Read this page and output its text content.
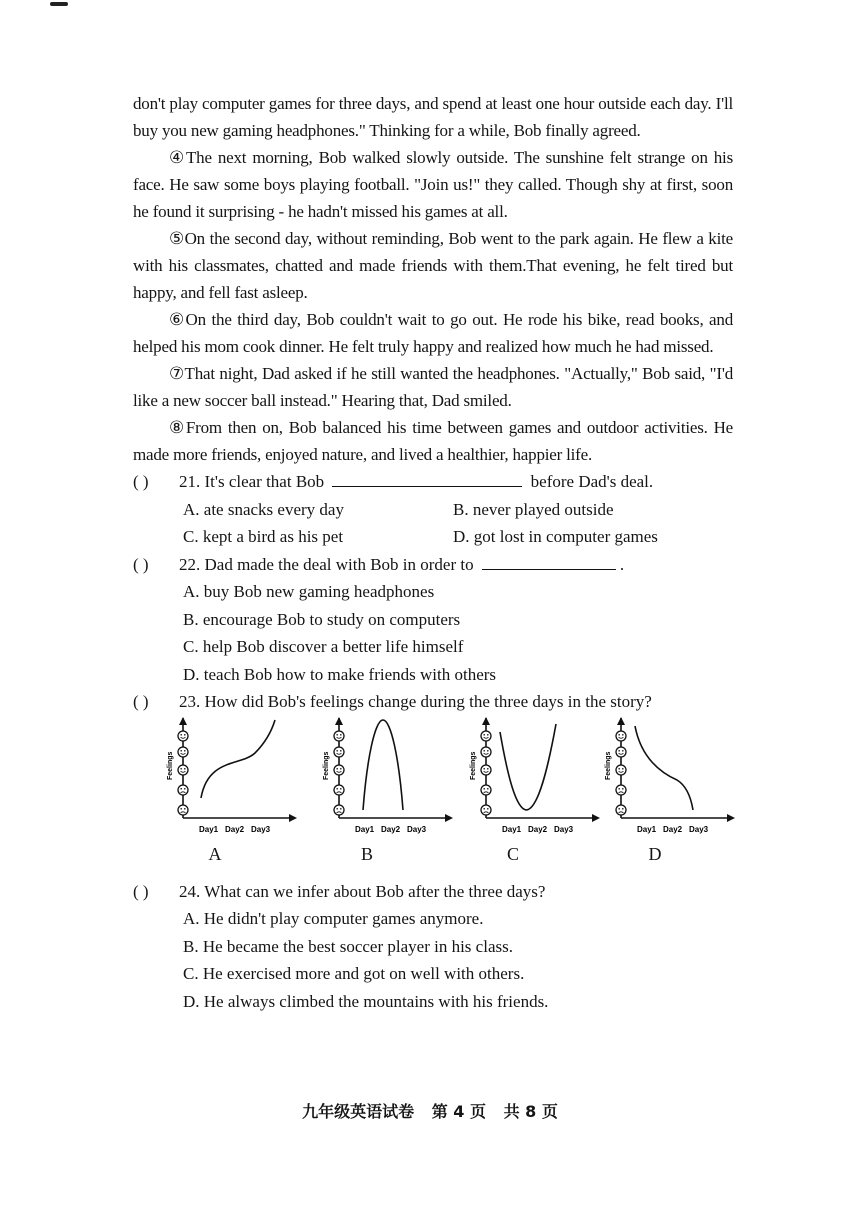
don't play computer games for three days, and spend at least one hour outside each day. I'll buy you new gaming headphones." Thinking for a while, Bob finally agreed.

④The next morning, Bob walked slowly outside. The sunshine felt strange on his face. He saw some boys playing football. "Join us!" they called. Though shy at first, soon he found it surprising - he hadn't missed his games at all.

⑤On the second day, without reminding, Bob went to the park again. He flew a kite with his classmates, chatted and made friends with them.That evening, he felt tired but happy, and fell fast asleep.

⑥On the third day, Bob couldn't wait to go out. He rode his bike, read books, and helped his mom cook dinner. He felt truly happy and realized how much he had missed.

⑦That night, Dad asked if he still wanted the headphones. "Actually," Bob said, "I'd like a new soccer ball instead." Hearing that, Dad smiled.

⑧From then on, Bob balanced his time between games and outdoor activities. He made more friends, enjoyed nature, and lived a healthier, happier life.

( ) 21. It's clear that Bob	before Dad's deal.
A. ate snacks every day	B. never played outside
C. kept a bird as his pet	D. got lost in computer games
( ) 22. Dad made the deal with Bob in order to	.
A. buy Bob new gaming headphones
B. encourage Bob to study on computers
C. help Bob discover a better life himself
D. teach Bob how to make friends with others
( ) 23. How did Bob's feelings change during the three days in the story?
Feelings
Day1 Day2 Day3
Feelings
Day1 Day2 Day3
Feelings
Day1 Day2 Day3
Feelings
Day1 Day2 Day3
A	B	C	D
( ) 24. What can we infer about Bob after the three days?
A. He didn't play computer games anymore.
B. He became the best soccer player in his class.
C. He exercised more and got on well with others.
D. He always climbed the mountains with his friends.
九年级英语试卷 第 4 页 共 8 页
